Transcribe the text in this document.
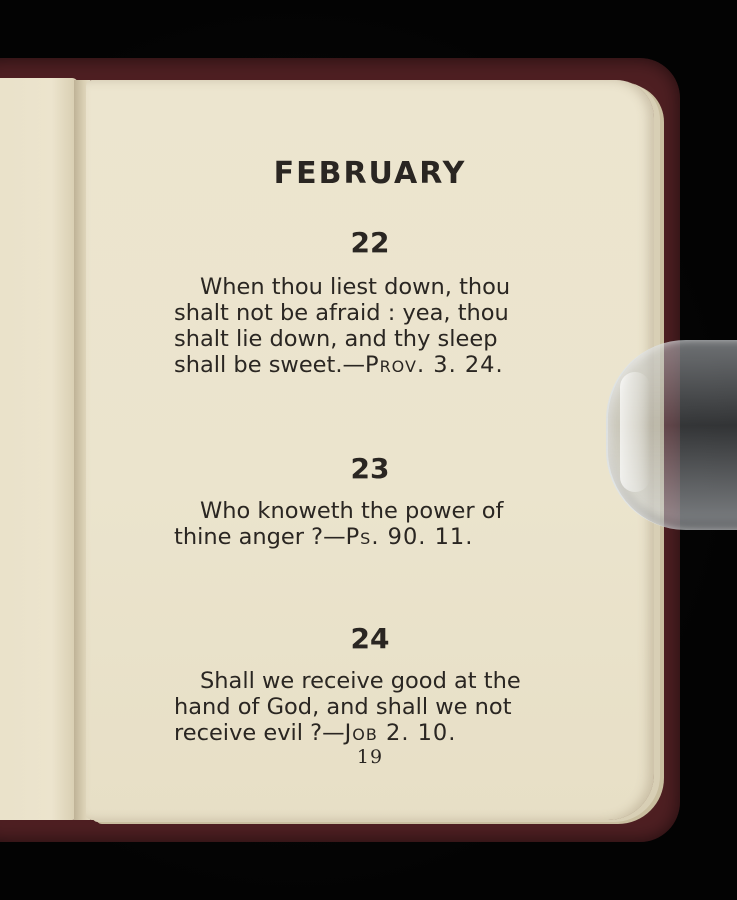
FEBRUARY
22
When thou liest down, thou
shalt not be afraid : yea, thou
shalt lie down, and thy sleep
shall be sweet.—Prov. 3. 24.
23
Who knoweth the power of
thine anger ?—Ps. 90. 11.
24
Shall we receive good at the
hand of God, and shall we not
receive evil ?—Job 2. 10.
19
